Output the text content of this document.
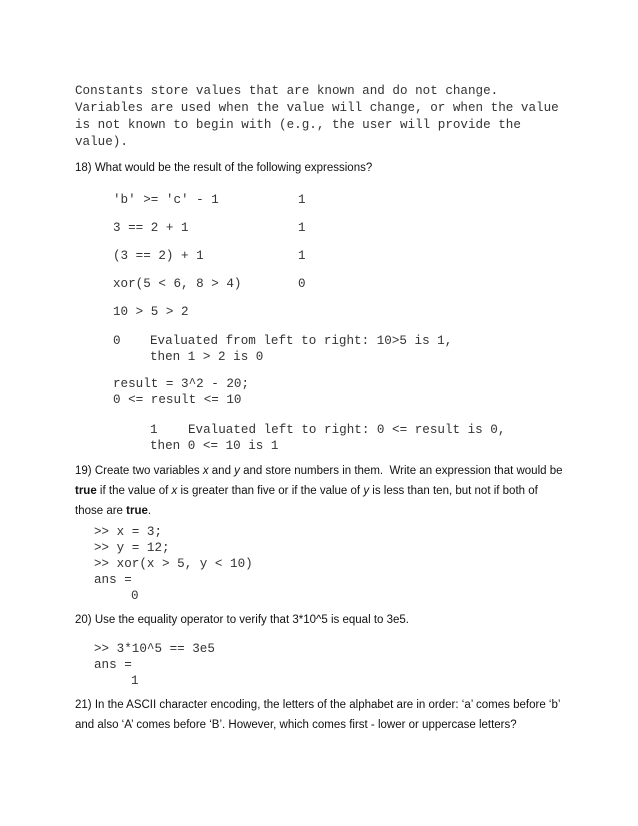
Constants store values that are known and do not change.
Variables are used when the value will change, or when the value
is not known to begin with (e.g., the user will provide the
value).
18) What would be the result of the following expressions?
'b' >= 'c' - 1	1
3 == 2 + 1	1
(3 == 2) + 1	1
xor(5 < 6, 8 > 4)	0
10 > 5 > 2
0 Evaluated from left to right: 10>5 is 1,
then 1 > 2 is 0
result = 3^2 - 20;
0 <= result <= 10
1 Evaluated left to right: 0 <= result is 0,
then 0 <= 10 is 1
19) Create two variables x and y and store numbers in them.  Write an expression that would be
true if the value of x is greater than five or if the value of y is less than ten, but not if both of
those are true.
>> x = 3;
>> y = 12;
>> xor(x > 5, y < 10)
ans =
0
20) Use the equality operator to verify that 3*10^5 is equal to 3e5.
>> 3*10^5 == 3e5
ans =
1
21) In the ASCII character encoding, the letters of the alphabet are in order: ‘a’ comes before ‘b’
and also ‘A’ comes before ‘B’. However, which comes first - lower or uppercase letters?
